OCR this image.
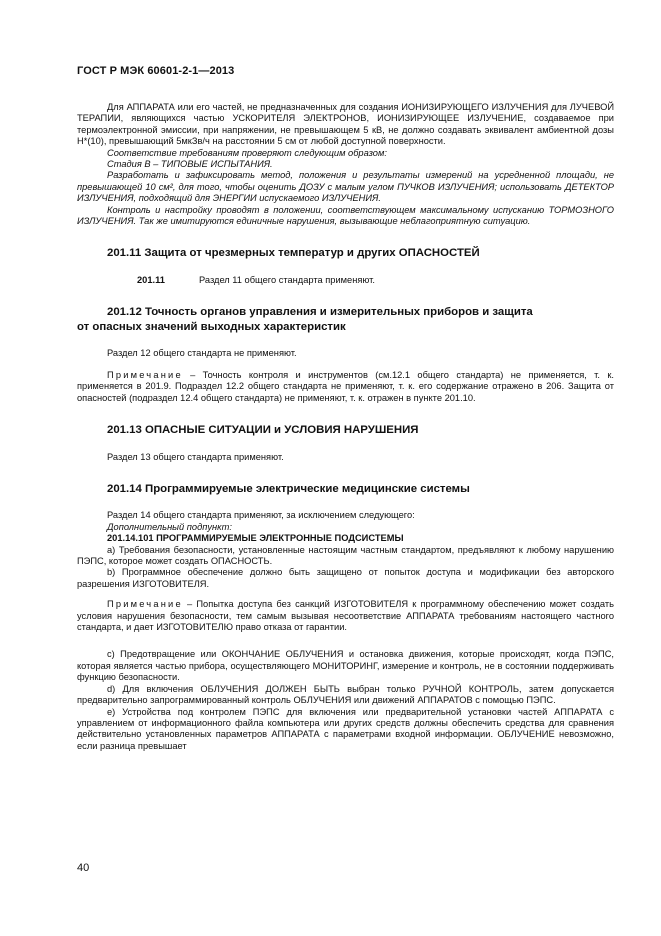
ГОСТ Р МЭК 60601-2-1—2013

Для АППАРАТА или его частей, не предназначенных для создания ИОНИЗИРУЮЩЕГО ИЗЛУЧЕНИЯ для ЛУЧЕВОЙ ТЕРАПИИ, являющихся частью УСКОРИТЕЛЯ ЭЛЕКТРОНОВ, ИОНИЗИРУЮЩЕЕ ИЗЛУЧЕНИЕ, создаваемое при термоэлектронной эмиссии, при напряжении, не превышающем 5 кВ, не должно создавать эквивалент амбиентной дозы Н*(10), превышающий 5мкЗв/ч на расстоянии 5 см от любой доступной поверхности.

Соответствие требованиям проверяют следующим образом:

Стадия В – ТИПОВЫЕ ИСПЫТАНИЯ.

Разработать и зафиксировать метод, положения и результаты измерений на усредненной площади, не превышающей 10 см², для того, чтобы оценить ДОЗУ с малым углом ПУЧКОВ ИЗЛУЧЕНИЯ; использовать ДЕТЕКТОР ИЗЛУЧЕНИЯ, подходящий для ЭНЕРГИИ испускаемого ИЗЛУЧЕНИЯ.

Контроль и настройку проводят в положении, соответствующем максимальному испусканию ТОРМОЗНОГО ИЗЛУЧЕНИЯ. Так же имитируются единичные нарушения, вызывающие неблагоприятную ситуацию.

201.11 Защита от чрезмерных температур и других ОПАСНОСТЕЙ

201.11	Раздел 11 общего стандарта применяют.

201.12 Точность органов управления и измерительных приборов и защита

от опасных значений выходных характеристик

Раздел 12 общего стандарта не применяют.

Примечание – Точность контроля и инструментов (см.12.1 общего стандарта) не применяется, т. к. применяется в 201.9. Подраздел 12.2 общего стандарта не применяют, т. к. его содержание отражено в 206. Защита от опасностей (подраздел 12.4 общего стандарта) не применяют, т. к. отражен в пункте 201.10.

201.13 ОПАСНЫЕ СИТУАЦИИ и УСЛОВИЯ НАРУШЕНИЯ

Раздел 13 общего стандарта применяют.

201.14 Программируемые электрические медицинские системы

Раздел 14 общего стандарта применяют, за исключением следующего:

Дополнительный подпункт:

201.14.101 ПРОГРАММИРУЕМЫЕ ЭЛЕКТРОННЫЕ ПОДСИСТЕМЫ

а) Требования безопасности, установленные настоящим частным стандартом, предъявляют к любому нарушению ПЭПС, которое может создать ОПАСНОСТЬ.

b) Программное обеспечение должно быть защищено от попыток доступа и модификации без авторского разрешения ИЗГОТОВИТЕЛЯ.

Примечание – Попытка доступа без санкций ИЗГОТОВИТЕЛЯ к программному обеспечению может создать условия нарушения безопасности, тем самым вызывая несоответствие АППАРАТА требованиям настоящего частного стандарта, и дает ИЗГОТОВИТЕЛЮ право отказа от гарантии.

с) Предотвращение или ОКОНЧАНИЕ ОБЛУЧЕНИЯ и остановка движения, которые происходят, когда ПЭПС, которая является частью прибора, осуществляющего МОНИТОРИНГ, измерение и контроль, не в состоянии поддерживать функцию безопасности.

d) Для включения ОБЛУЧЕНИЯ ДОЛЖЕН БЫТЬ выбран только РУЧНОЙ КОНТРОЛЬ, затем допускается предварительно запрограммированный контроль ОБЛУЧЕНИЯ или движений АППАРАТОВ с помощью ПЭПС.

е) Устройства под контролем ПЭПС для включения или предварительной установки частей АППАРАТА с управлением от информационного файла компьютера или других средств должны обеспечить средства для сравнения действительно установленных параметров АППАРАТА с параметрами входной информации. ОБЛУЧЕНИЕ невозможно, если разница превышает

40
